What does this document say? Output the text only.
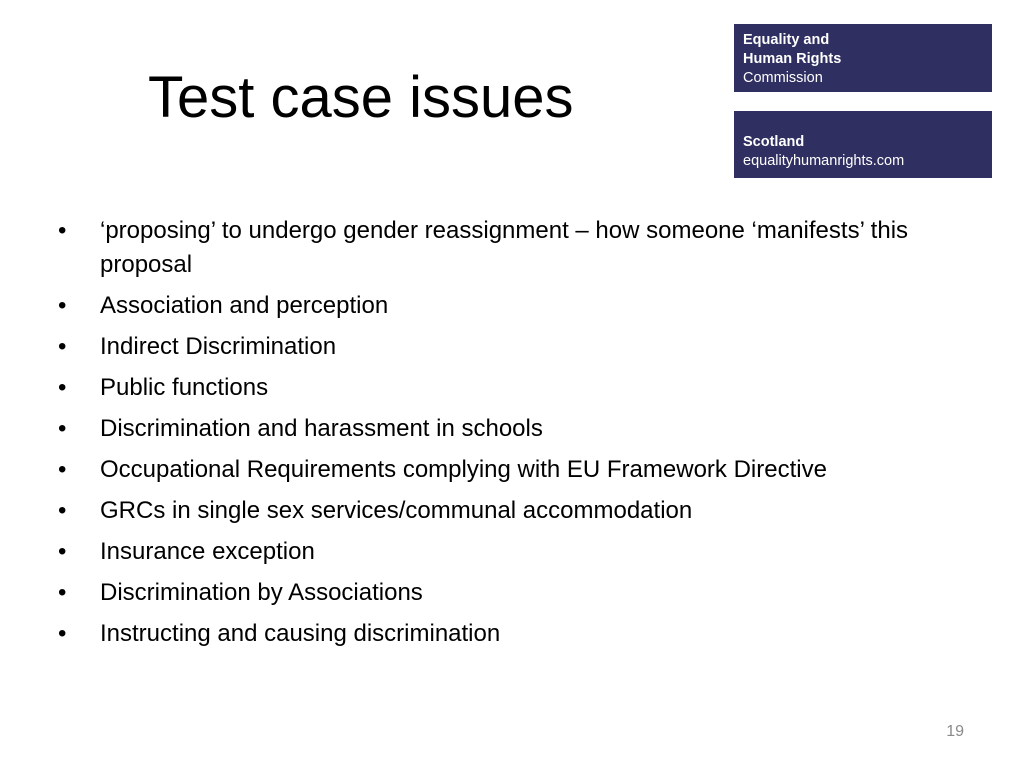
Test case issues
Equality and
Human Rights
Commission
Scotland
equalityhumanrights.com
• ‘proposing’ to undergo gender reassignment – how someone ‘manifests’ this proposal
• Association and perception
• Indirect Discrimination
• Public functions
• Discrimination and harassment in schools
• Occupational Requirements complying with EU Framework Directive
• GRCs in single sex services/communal accommodation
• Insurance exception
• Discrimination by Associations
• Instructing and causing discrimination
19
